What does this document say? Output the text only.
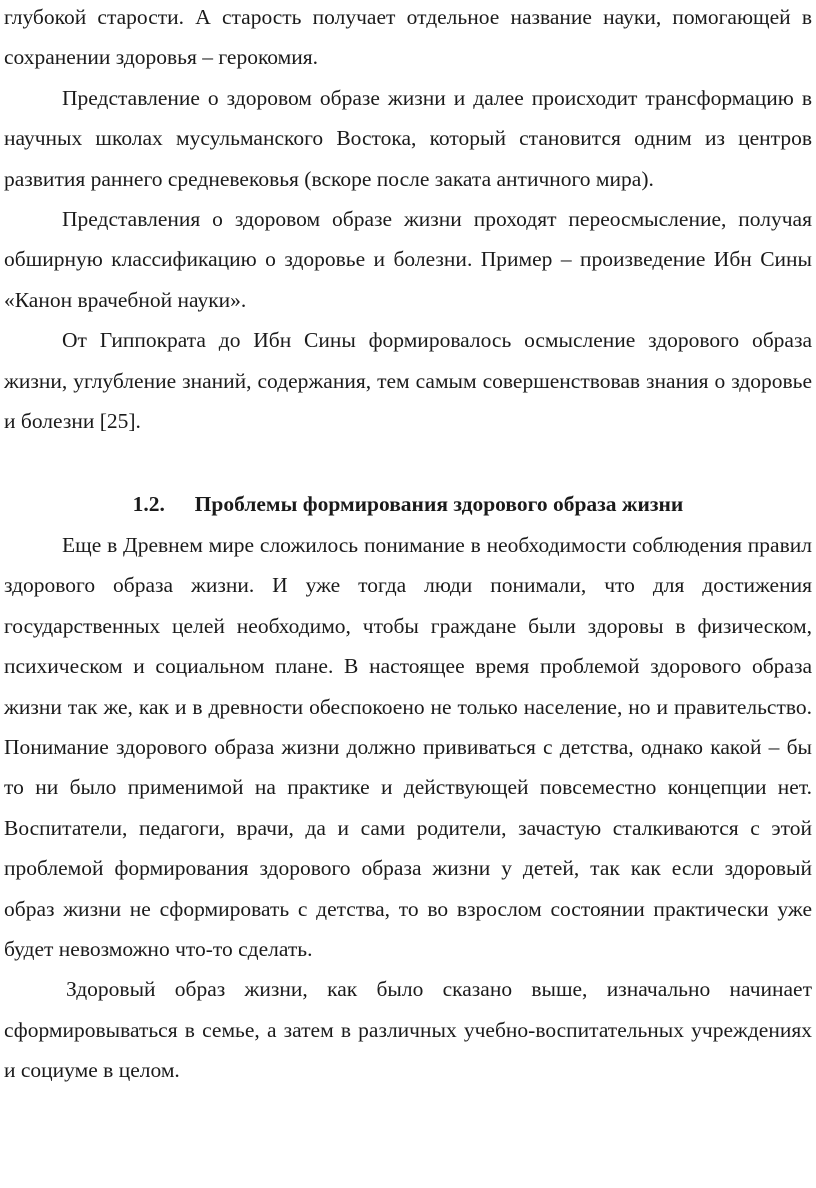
глубокой старости. А старость получает отдельное название науки, помогающей в сохранении здоровья – герокомия.

Представление о здоровом образе жизни и далее происходит трансформацию в научных школах мусульманского Востока, который становится одним из центров развития раннего средневековья (вскоре после заката античного мира).

Представления о здоровом образе жизни проходят переосмысление, получая обширную классификацию о здоровье и болезни. Пример – произведение Ибн Сины «Канон врачебной науки».

От Гиппократа до Ибн Сины формировалось осмысление здорового образа жизни, углубление знаний, содержания, тем самым совершенствовав знания о здоровье и болезни [25].

1.2. Проблемы формирования здорового образа жизни

Еще в Древнем мире сложилось понимание в необходимости соблюдения правил здорового образа жизни. И уже тогда люди понимали, что для достижения государственных целей необходимо, чтобы граждане были здоровы в физическом, психическом и социальном плане. В настоящее время проблемой здорового образа жизни так же, как и в древности обеспокоено не только население, но и правительство. Понимание здорового образа жизни должно прививаться с детства, однако какой – бы то ни было применимой на практике и действующей повсеместно концепции нет. Воспитатели, педагоги, врачи, да и сами родители, зачастую сталкиваются с этой проблемой формирования здорового образа жизни у детей, так как если здоровый образ жизни не сформировать с детства, то во взрослом состоянии практически уже будет невозможно что-то сделать.

Здоровый образ жизни, как было сказано выше, изначально начинает сформировываться в семье, а затем в различных учебно-воспитательных учреждениях и социуме в целом.
